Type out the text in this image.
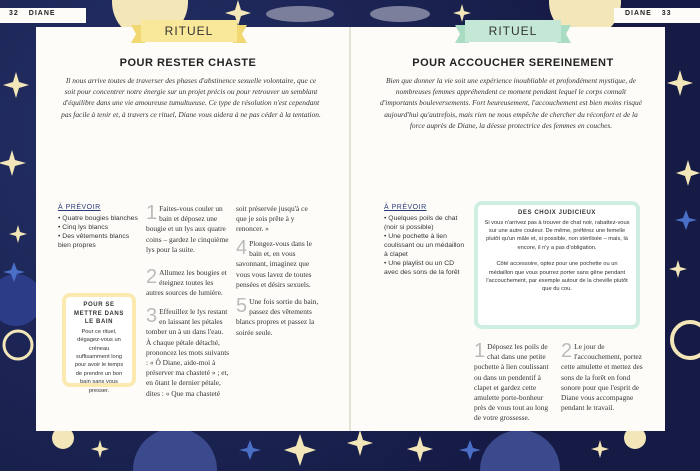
32 DIANE	DIANE 33
RITUEL
POUR RESTER CHASTE
Il nous arrive toutes de traverser des phases d'abstinence sexuelle volontaire, que ce soit pour concentrer notre énergie sur un projet précis ou pour retrouver un semblant d'équilibre dans une vie amoureuse tumultueuse. Ce type de résolution n'est cependant pas facile à tenir et, à travers ce rituel, Diane vous aidera à ne pas céder à la tentation.
À PRÉVOIR
• Quatre bougies blanches
• Cinq lys blancs
• Des vêtements blancs bien propres
POUR SE METTRE DANS LE BAIN

Pour ce rituel, dégagez-vous un créneau suffisamment long pour avoir le temps de prendre un bon bain sans vous presser.

1 Faites-vous couler un bain et déposez une bougie et un lys aux quatre coins – gardez le cinquième lys pour la suite.
2 Allumez les bougies et éteignez toutes les autres sources de lumière.
3 Effeuillez le lys restant en laissant les pétales tomber un à un dans l'eau. À chaque pétale détaché, prononcez les mots suivants : « Ô Diane, aide-moi à préserver ma chasteté » ; et, en ôtant le dernier pétale, dites : « Que ma chasteté
soit préservée jusqu'à ce que je sois prête à y renoncer. »
4 Plongez-vous dans le bain et, en vous savonnant, imaginez que vous vous lavez de toutes pensées et désirs sexuels.
5 Une fois sortie du bain, passez des vêtements blancs propres et passez la soirée seule.
RITUEL
POUR ACCOUCHER SEREINEMENT
Bien que donner la vie soit une expérience inoubliable et profondément mystique, de nombreuses femmes appréhendent ce moment pendant lequel le corps connaît d'importants bouleversements. Fort heureusement, l'accouchement est bien moins risqué aujourd'hui qu'autrefois, mais rien ne nous empêche de chercher du réconfort et de la force auprès de Diane, la déesse protectrice des femmes en couches.
À PRÉVOIR
• Quelques poils de chat (noir si possible)
• Une pochette à lien coulissant ou un médaillon à clapet
• Une playlist ou un CD avec des sons de la forêt
DES CHOIX JUDICIEUX

Si vous n'arrivez pas à trouver de chat noir, rabattez-vous sur une autre couleur. De même, préférez une femelle plutôt qu'un mâle et, si possible, non stérilisée – mais, là encore, il n'y a pas d'obligation.

Côté accessoire, optez pour une pochette ou un médaillon que vous pourrez porter sans gêne pendant l'accouchement, par exemple autour de la cheville plutôt que du cou.

1 Déposez les poils de chat dans une petite pochette à lien coulissant ou dans un pendentif à clapet et gardez cette amulette porte-bonheur près de vous tout au long de votre grossesse.
2 Le jour de l'accouchement, portez cette amulette et mettez des sons de la forêt en fond sonore pour que l'esprit de Diane vous accompagne pendant le travail.
